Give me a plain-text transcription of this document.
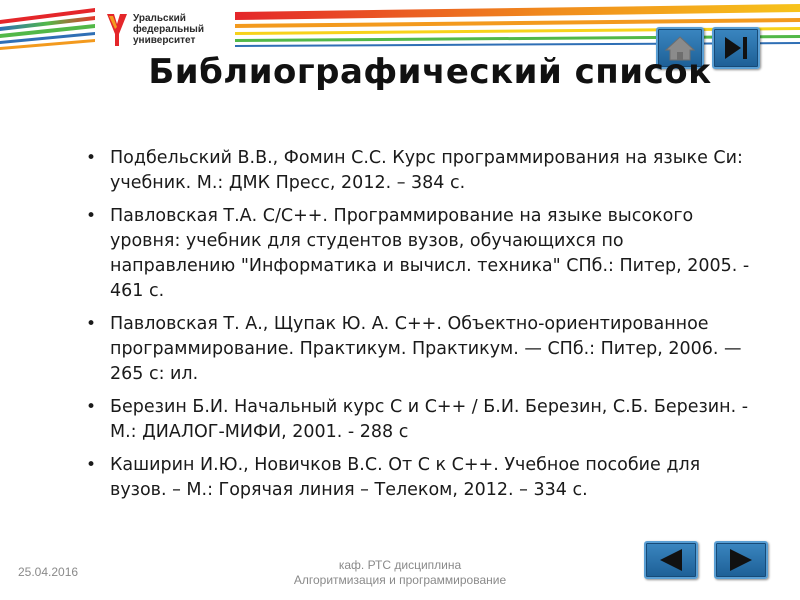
Уральский
федеральный
университет
Библиографический список
• Подбельский В.В., Фомин С.С. Курс программирования на языке Си: учебник. М.: ДМК Пресс, 2012. – 384 с.
• Павловская Т.А. С/С++. Программирование на языке высокого уровня: учебник для студентов вузов, обучающихся по направлению "Информатика и вычисл. техника" СПб.: Питер, 2005. - 461 с.
• Павловская Т. А., Щупак Ю. А. C++. Объектно-ориентированное программирование. Практикум. Практикум. — СПб.: Питер, 2006. — 265 с: ил.
• Березин Б.И. Начальный курс С и С++ / Б.И. Березин, С.Б. Березин. - М.: ДИАЛОГ-МИФИ, 2001. - 288 с
• Каширин И.Ю., Новичков В.С. От С к С++. Учебное пособие для вузов. – М.: Горячая линия – Телеком, 2012. – 334 с.
25.04.2016	каф. РТС дисциплина
Алгоритмизация и программирование
